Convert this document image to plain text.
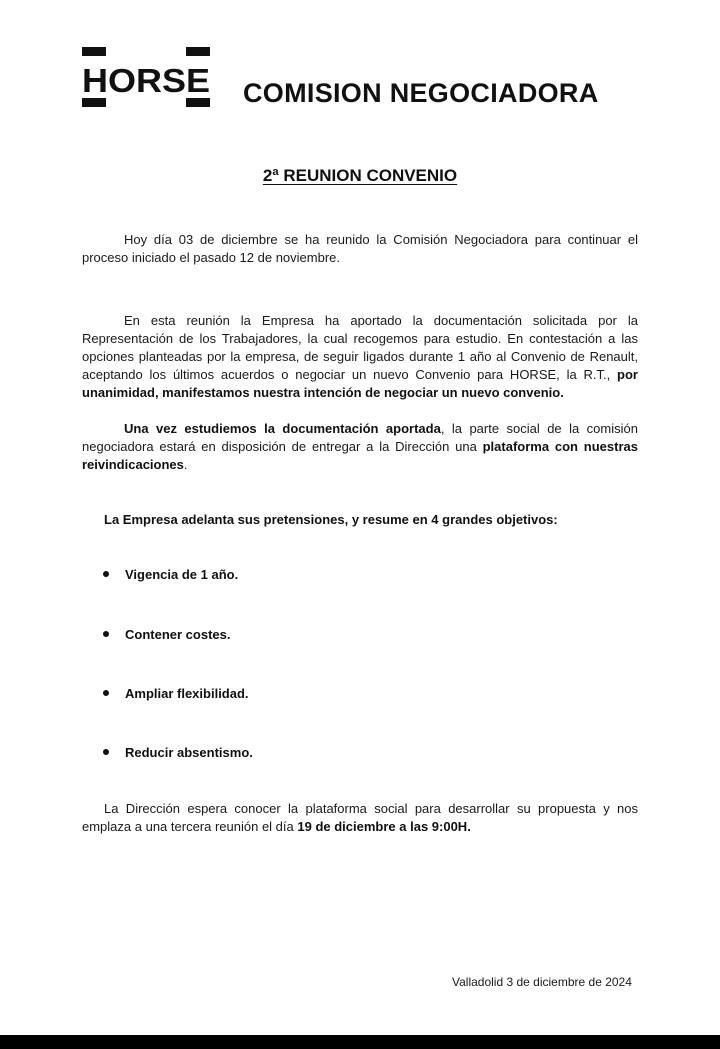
HORSE COMISION NEGOCIADORA
2ª REUNION CONVENIO
Hoy día 03 de diciembre se ha reunido la Comisión Negociadora para continuar el proceso iniciado el pasado 12 de noviembre.
En esta reunión la Empresa ha aportado la documentación solicitada por la Representación de los Trabajadores, la cual recogemos para estudio. En contestación a las opciones planteadas por la empresa, de seguir ligados durante 1 año al Convenio de Renault, aceptando los últimos acuerdos o negociar un nuevo Convenio para HORSE, la R.T., por unanimidad, manifestamos nuestra intención de negociar un nuevo convenio.
Una vez estudiemos la documentación aportada, la parte social de la comisión negociadora estará en disposición de entregar a la Dirección una plataforma con nuestras reivindicaciones.
La Empresa adelanta sus pretensiones, y resume en 4 grandes objetivos:
Vigencia de 1 año.
Contener costes.
Ampliar flexibilidad.
Reducir absentismo.
La Dirección espera conocer la plataforma social para desarrollar su propuesta y nos emplaza a una tercera reunión el día 19 de diciembre a las 9:00H.
Valladolid 3 de diciembre de 2024
